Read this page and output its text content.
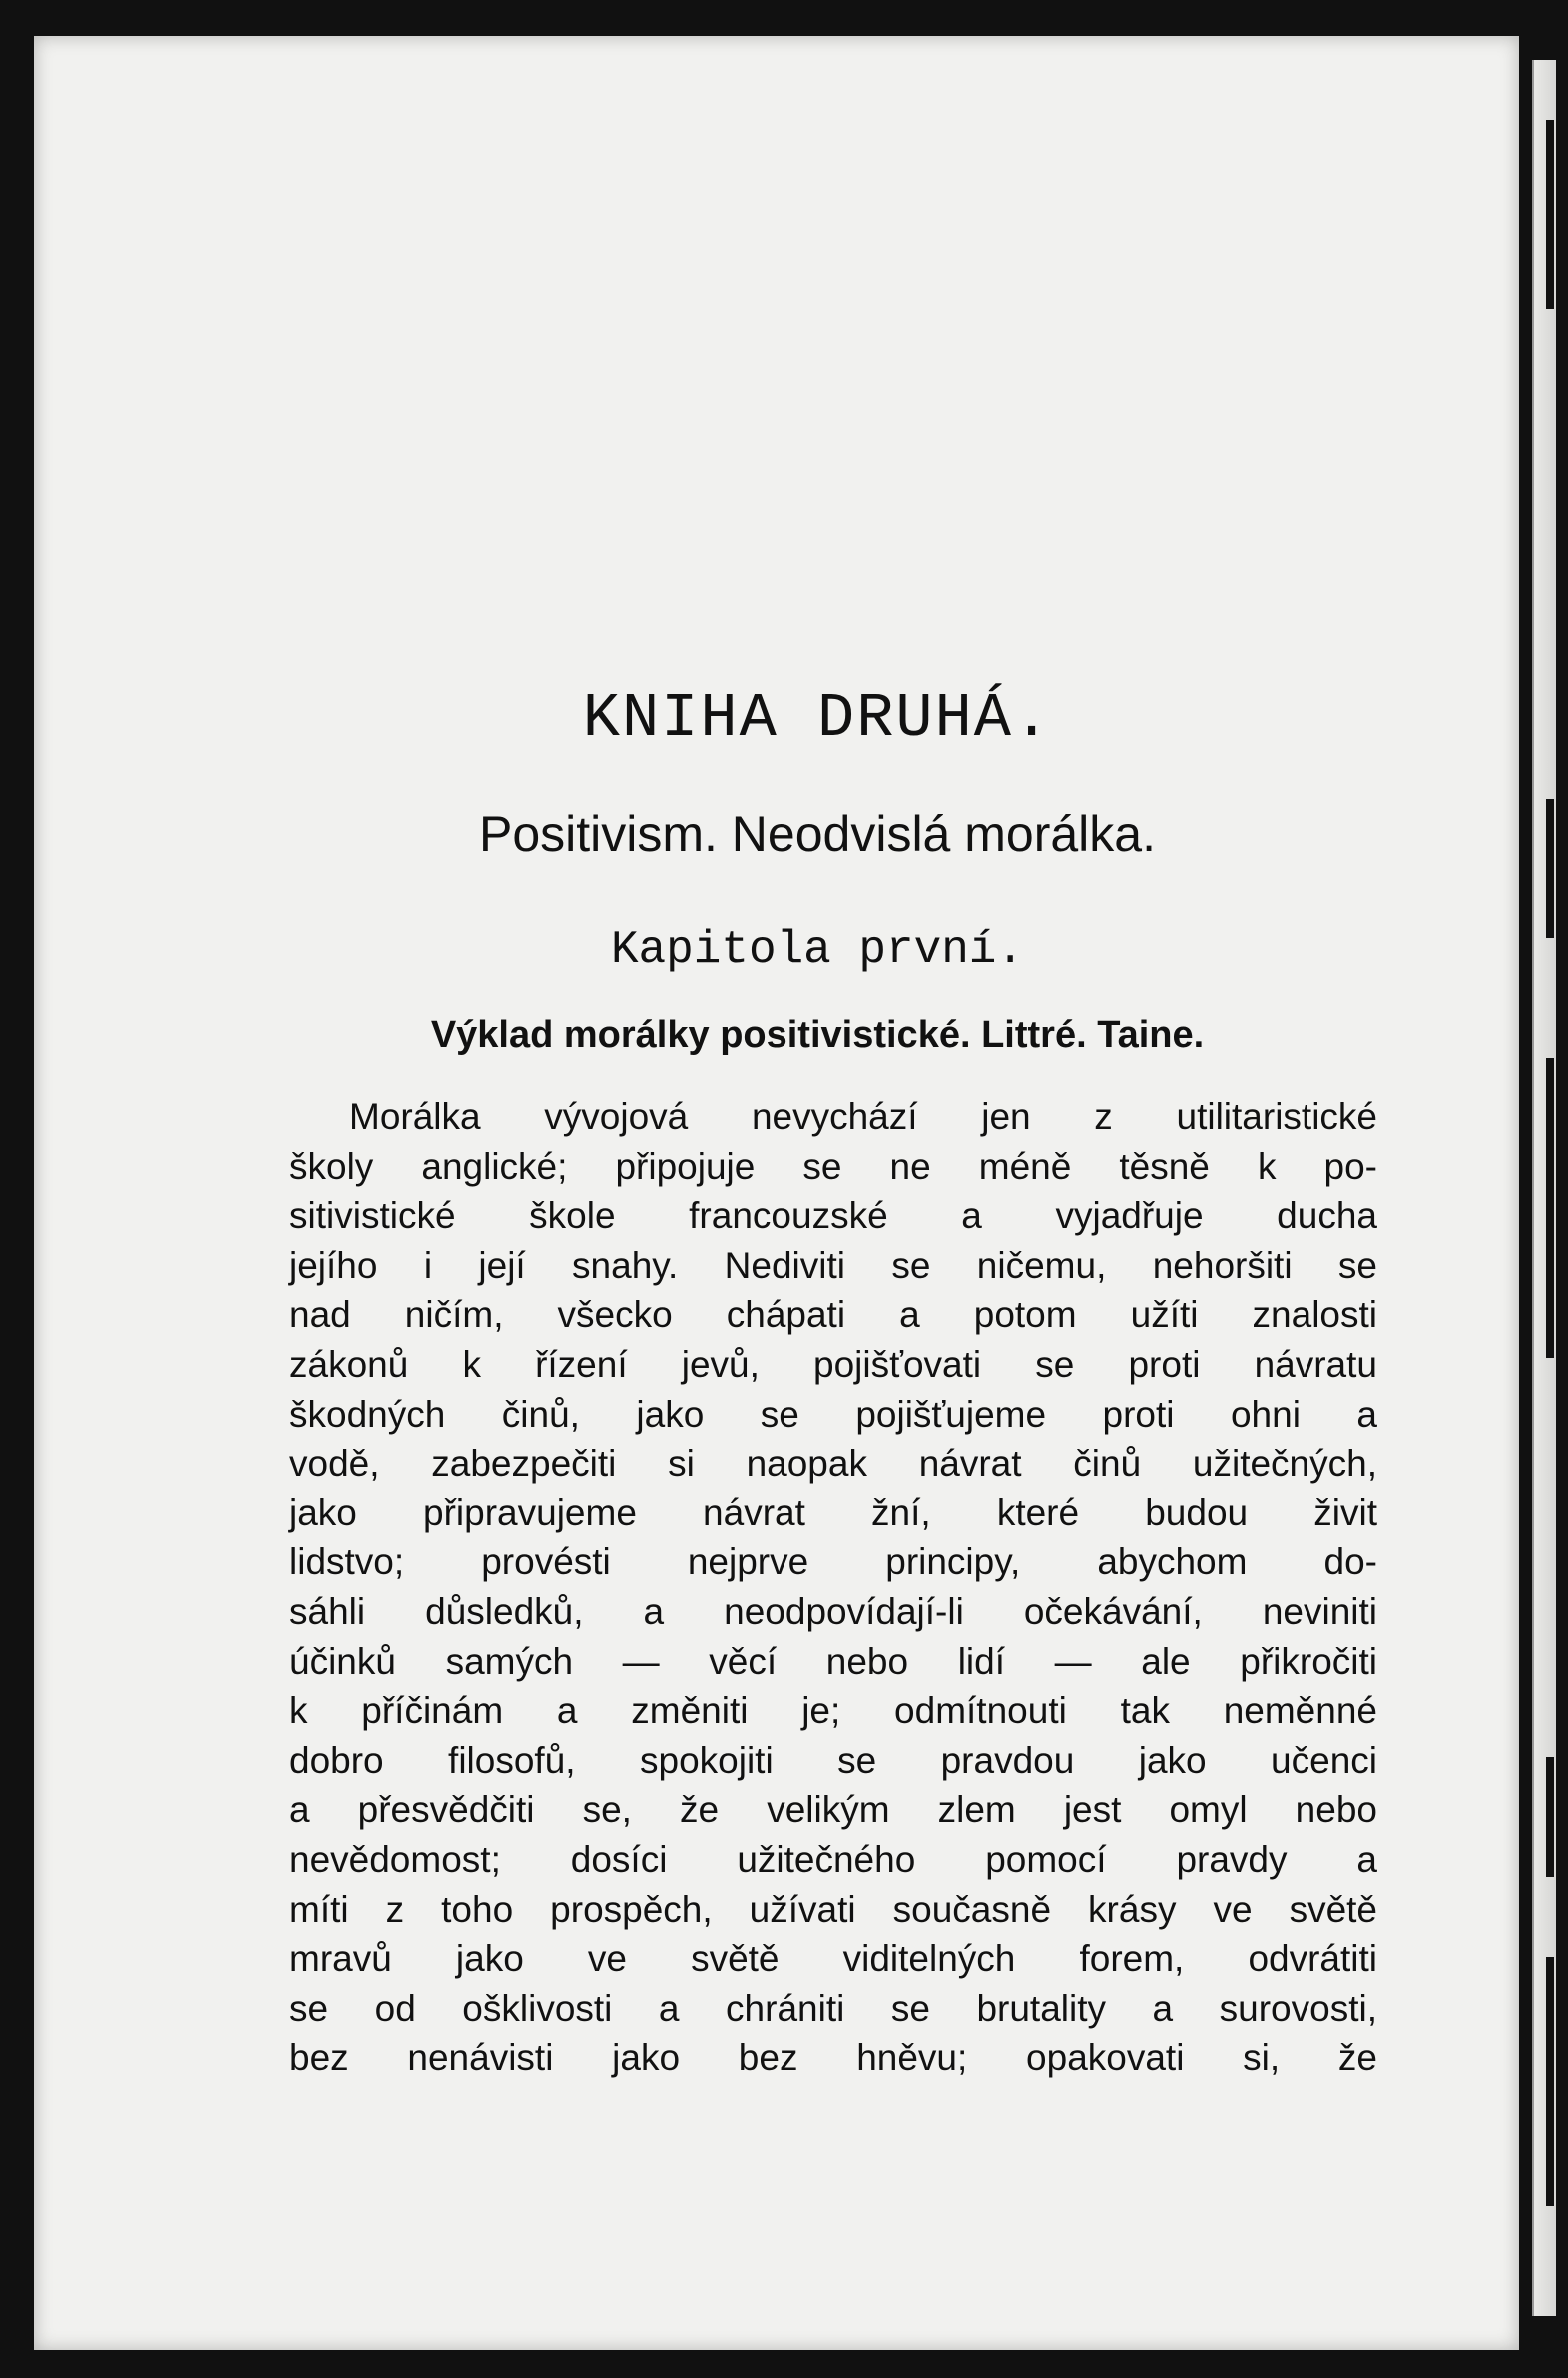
KNIHA DRUHÁ.
Positivism. Neodvislá morálka.
Kapitola první.
Výklad morálky positivistické. Littré. Taine.
Morálka vývojová nevychází jen z utilitaristické
školy anglické; připojuje se ne méně těsně k po-
sitivistické škole francouzské a vyjadřuje ducha
jejího i její snahy. Nediviti se ničemu, nehoršiti se
nad ničím, všecko chápati a potom užíti znalosti
zákonů k řízení jevů, pojišťovati se proti návratu
škodných činů, jako se pojišťujeme proti ohni a
vodě, zabezpečiti si naopak návrat činů užitečných,
jako připravujeme návrat žní, které budou živit
lidstvo; provésti nejprve principy, abychom do-
sáhli důsledků, a neodpovídají-li očekávání, neviniti
účinků samých — věcí nebo lidí — ale přikročiti
k příčinám a změniti je; odmítnouti tak neměnné
dobro filosofů, spokojiti se pravdou jako učenci
a přesvědčiti se, že velikým zlem jest omyl nebo
nevědomost; dosíci užitečného pomocí pravdy a
míti z toho prospěch, užívati současně krásy ve světě
mravů jako ve světě viditelných forem, odvrátiti
se od ošklivosti a chrániti se brutality a surovosti,
bez nenávisti jako bez hněvu; opakovati si, že
